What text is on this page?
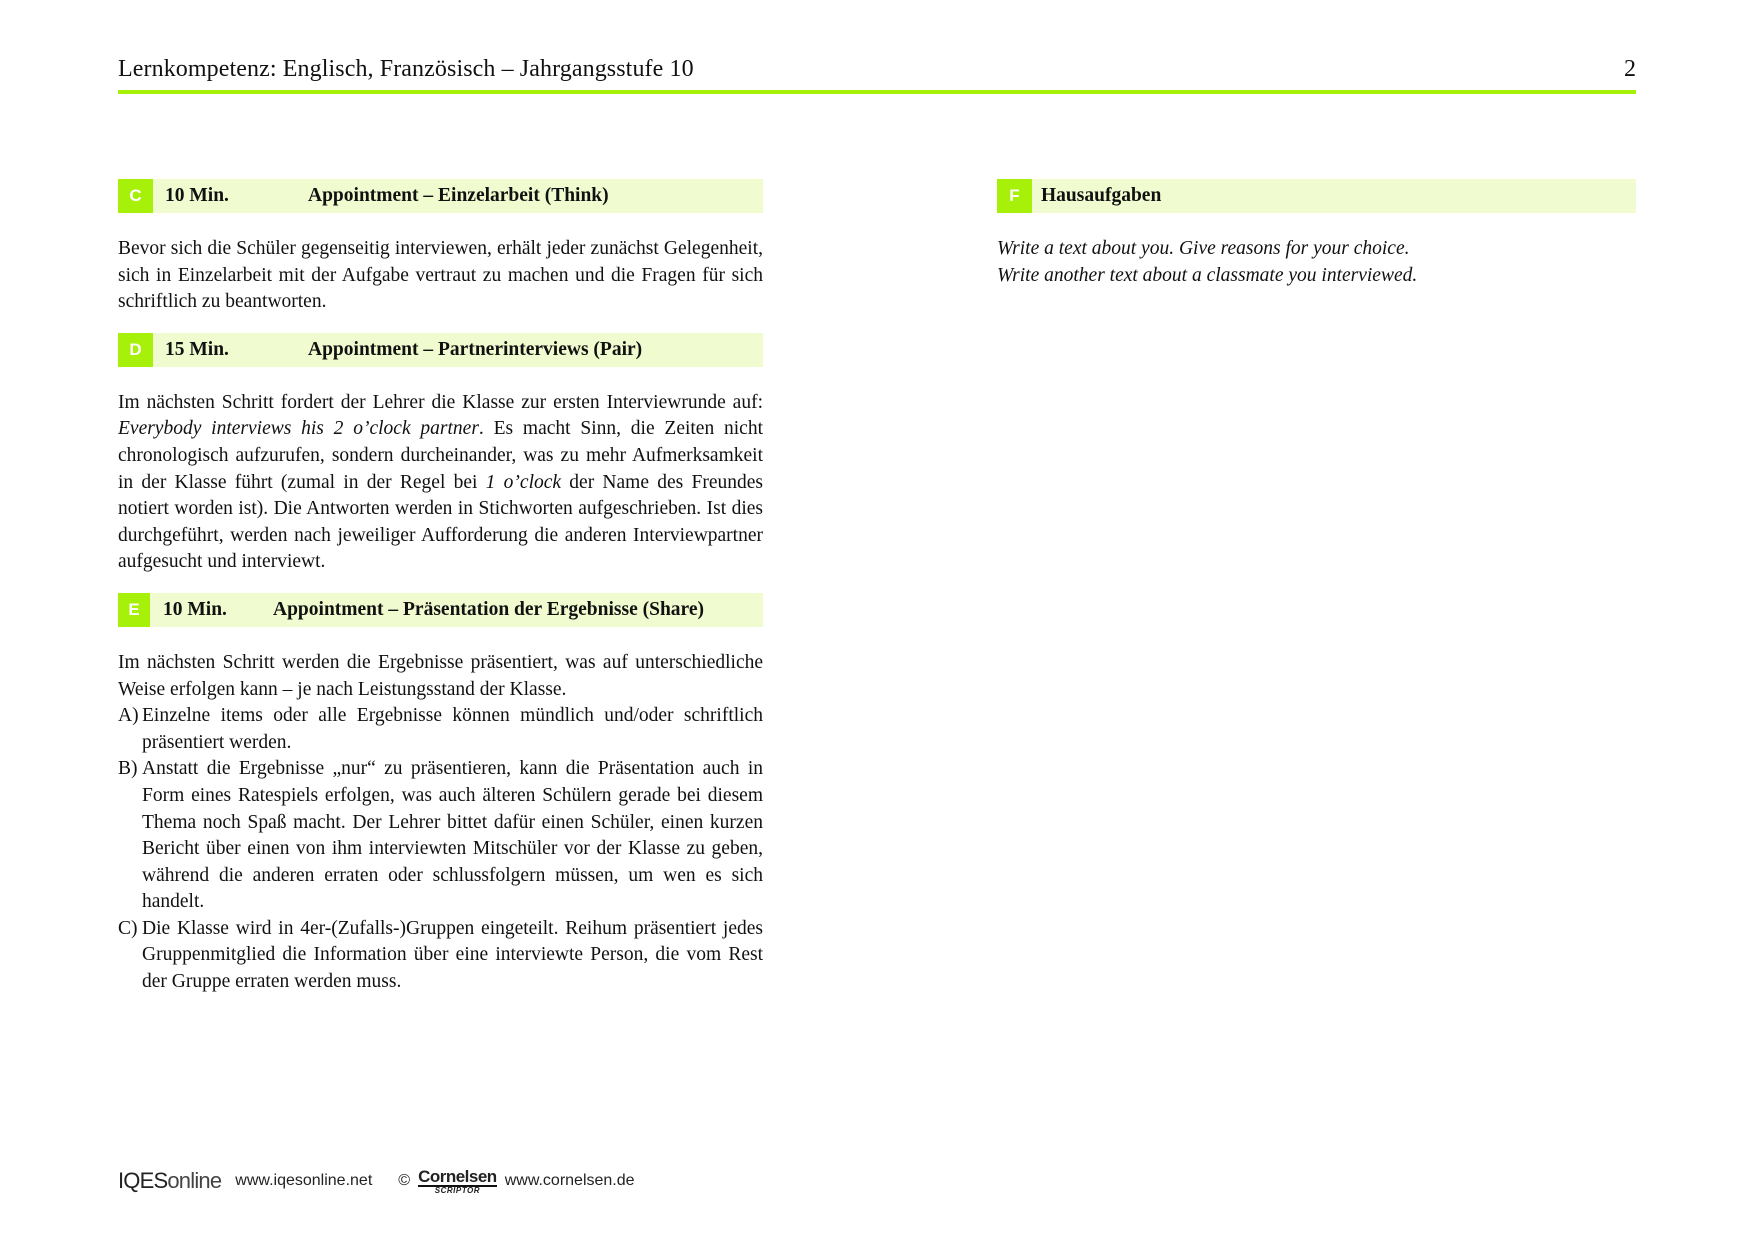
Lernkompetenz: Englisch, Französisch – Jahrgangsstufe 10	2
C	10 Min.	Appointment – Einzelarbeit (Think)

Bevor sich die Schüler gegenseitig interviewen, erhält jeder zunächst Gelegenheit, sich in Einzelarbeit mit der Aufgabe vertraut zu machen und die Fragen für sich schriftlich zu beantworten.

D	15 Min.	Appointment – Partnerinterviews (Pair)

Im nächsten Schritt fordert der Lehrer die Klasse zur ersten Interviewrunde auf: Everybody interviews his 2 o’clock partner. Es macht Sinn, die Zeiten nicht chronologisch aufzurufen, sondern durcheinander, was zu mehr Aufmerksamkeit in der Klasse führt (zumal in der Regel bei 1 o’clock der Name des Freundes notiert worden ist). Die Antworten werden in Stichworten aufgeschrieben. Ist dies durchgeführt, werden nach jeweiliger Aufforderung die anderen Interviewpartner aufgesucht und interviewt.

E	10 Min. Appointment – Präsentation der Ergebnisse (Share)

Im nächsten Schritt werden die Ergebnisse präsentiert, was auf unterschiedliche Weise erfolgen kann – je nach Leistungsstand der Klasse.

A) Einzelne items oder alle Ergebnisse können mündlich und/oder schriftlich präsentiert werden.
B) Anstatt die Ergebnisse „nur“ zu präsentieren, kann die Präsentation auch in Form eines Ratespiels erfolgen, was auch älteren Schülern gerade bei diesem Thema noch Spaß macht. Der Lehrer bittet dafür einen Schüler, einen kurzen Bericht über einen von ihm interviewten Mitschüler vor der Klasse zu geben, während die anderen erraten oder schlussfolgern müssen, um wen es sich handelt.
C) Die Klasse wird in 4er-(Zufalls-)Gruppen eingeteilt. Reihum präsentiert jedes Gruppenmitglied die Information über eine interviewte Person, die vom Rest der Gruppe erraten werden muss.
F	Hausaufgaben
Write a text about you. Give reasons for your choice.
Write another text about a classmate you interviewed.
IQESonline www.iqesonline.net © Cornelsen
SCRIPTOR
www.cornelsen.de
